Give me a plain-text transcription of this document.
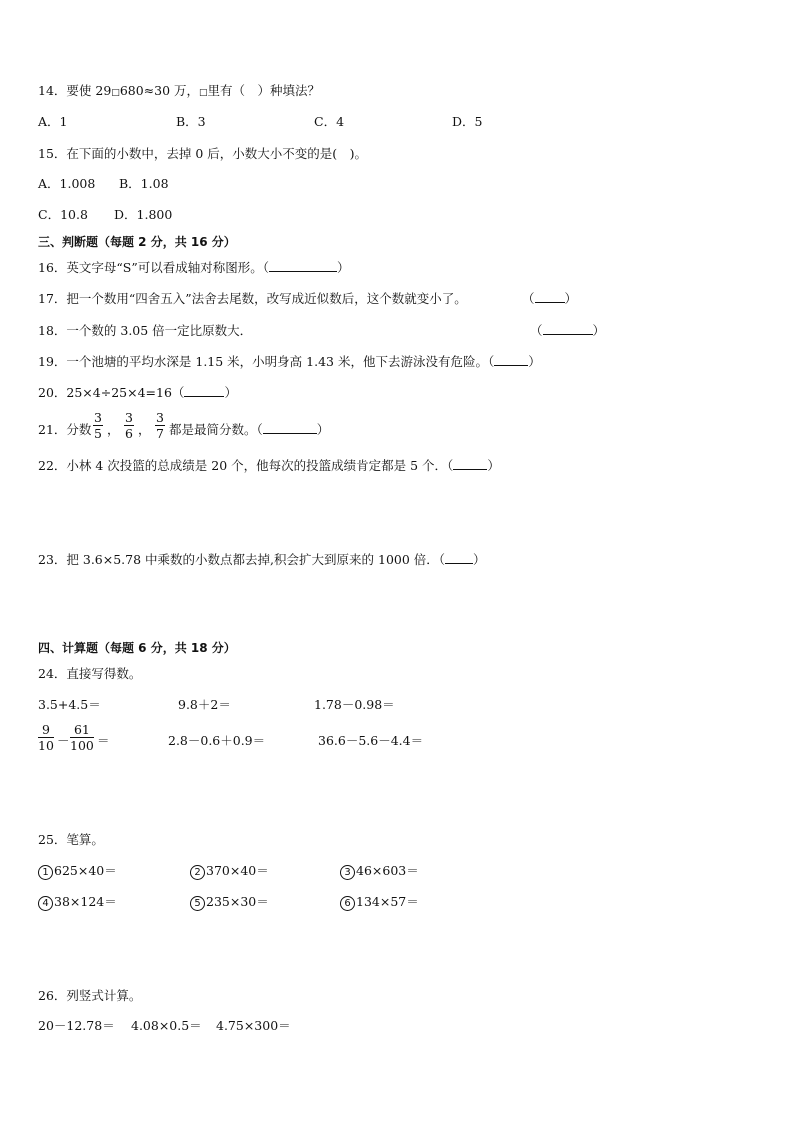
14．要使 29□680≈30 万，□里有（　）种填法？
A．1	B．3	C．4	D．5
15．在下面的小数中，去掉 0 后，小数大小不变的是(　)。
A．1.008 B．1.08
C．10.8 D．1.800
三、判断题（每题 2 分，共 16 分）
16．英文字母“S”可以看成轴对称图形。（	）
17．把一个数用“四舍五入”法舍去尾数，改写成近似数后，这个数就变小了。	（ ）
18．一个数的 3.05 倍一定比原数大．	（	）
19．一个池塘的平均水深是 1.15 米，小明身高 1.43 米，他下去游泳没有危险。（	）
20．25×4÷25×4=16（	）
21．分数 $\frac{3}{5}$ ， $\frac{3}{6}$ ， $\frac{3}{7}$ 都是最简分数。（	）
22．小林 4 次投篮的总成绩是 20 个，他每次的投篮成绩肯定都是 5 个．（	）
23．把 3.6×5.78 中乘数的小数点都去掉,积会扩大到原来的 1000 倍．（ ）
四、计算题（每题 6 分，共 18 分）
24．直接写得数。
3.5+4.5＝	9.8＋2＝	1.78－0.98＝
$\frac{9}{10} - \frac{61}{100}$ ＝	2.8－0.6＋0.9＝	36.6－5.6－4.4＝
25．笔算。
1 625×40＝	2 370×40＝	3 46×603＝
4 38×124＝	5 235×30＝	6 134×57＝
26．列竖式计算。
20－12.78＝ 4.08×0.5＝ 4.75×300＝
